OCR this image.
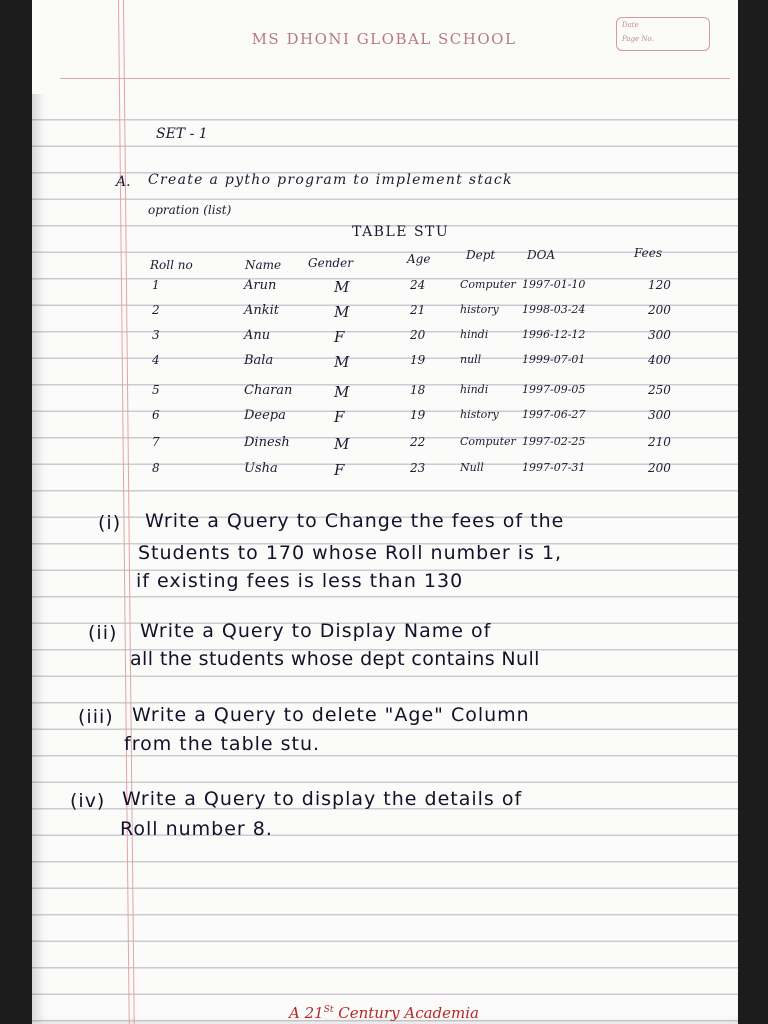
MS DHONI GLOBAL SCHOOL
Date
Page No.
SET - 1
A. Create a pytho program to implement stack
opration (list)
TABLE STU
Roll no	Name Gender	Age	Dept	DOA	Fees
1	Arun	M	24	Computer 1997-01-10	120
2	Ankit	M	21	history 1998-03-24	200
3	Anu	F	20	hindi	1996-12-12	300
4	Bala	M	19	null	1999-07-01	400
5	Charan	M	18	hindi	1997-09-05	250
6	Deepa	F	19	history 1997-06-27	300
7	Dinesh	M	22	Computer 1997-02-25	210
8	Usha	F	23	Null	1997-07-31	200
(i) Write a Query to Change the fees of the
Students to 170 whose Roll number is 1,
if existing fees is less than 130
(ii) Write a Query to Display Name of
all the students whose dept contains Null
(iii) Write a Query to delete "Age" Column
from the table stu.
(iv) Write a Query to display the details of
Roll number 8.
A 21St Century Academia
